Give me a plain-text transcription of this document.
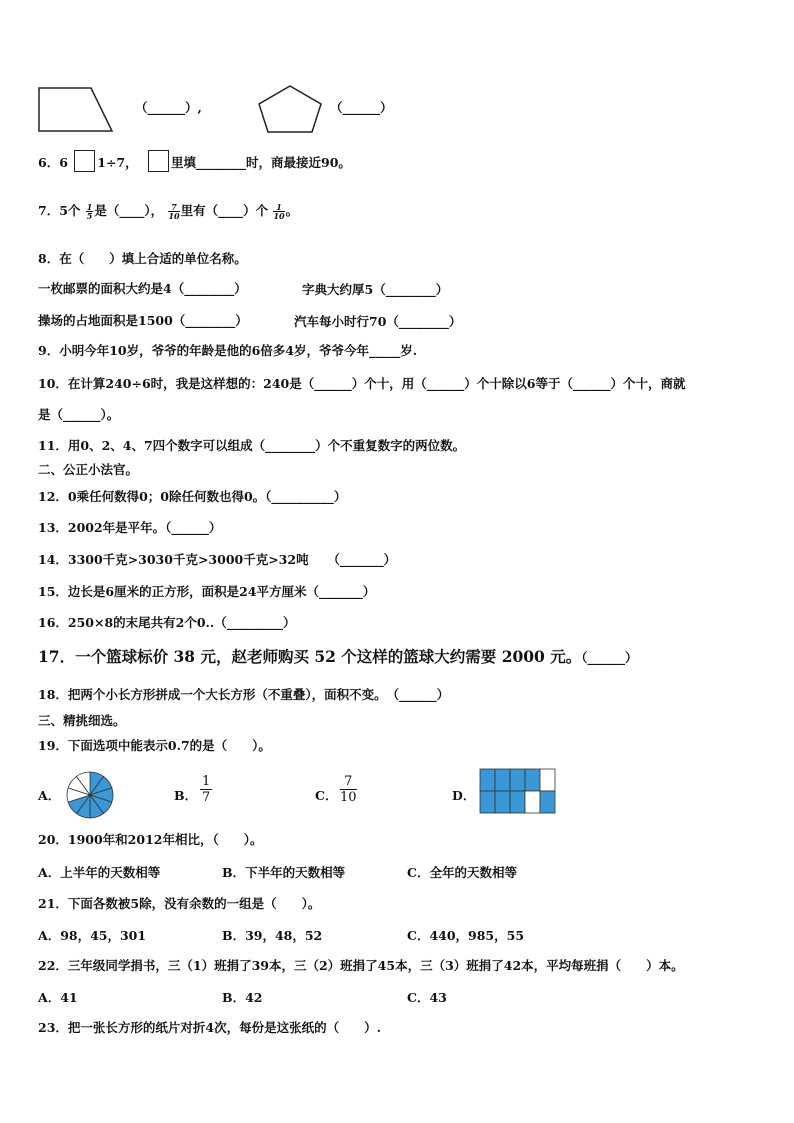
（______）,	（______）
6．6 1÷7，	里填________时，商最接近90。
7．5个 $\frac{1}{5}$ 是（____）， $\frac{7}{10}$ 里有（____）个 $\frac{1}{10}$ 。
8．在（　　）填上合适的单位名称。
一枚邮票的面积大约是4（________）	字典大约厚5（________）
操场的占地面积是1500（________）	汽车每小时行70（________）
9．小明今年10岁，爷爷的年龄是他的6倍多4岁，爷爷今年_____岁.
10．在计算240÷6时，我是这样想的：240是（______）个十，用（______）个十除以6等于（______）个十，商就
是（______）。
11．用0、2、4、7四个数字可以组成（________）个不重复数字的两位数。
二、公正小法官。
12．0乘任何数得0；0除任何数也得0。（__________）
13．2002年是平年。（______）
14．3300千克>3030千克>3000千克>32吨　　（_______）
15．边长是6厘米的正方形，面积是24平方厘米（_______）
16．250×8的末尾共有2个0..（_________）
17．一个篮球标价 38 元，赵老师购买 52 个这样的篮球大约需要 2000 元。（______）
18．把两个小长方形拼成一个大长方形（不重叠），面积不变。　（______）
三、精挑细选。
19．下面选项中能表示0.7的是（　　）。
A．	B．
1
7	C．
7
10	D．
20．1900年和2012年相比，（　　）。
A．上半年的天数相等	B．下半年的天数相等	C．全年的天数相等
21．下面各数被5除，没有余数的一组是（　　）。
A．98，45，301	B．39，48，52	C．440，985，55
22．三年级同学捐书，三（1）班捐了39本，三（2）班捐了45本，三（3）班捐了42本，平均每班捐（　　）本。
A．41	B．42	C．43
23．把一张长方形的纸片对折4次，每份是这张纸的（　　）.
